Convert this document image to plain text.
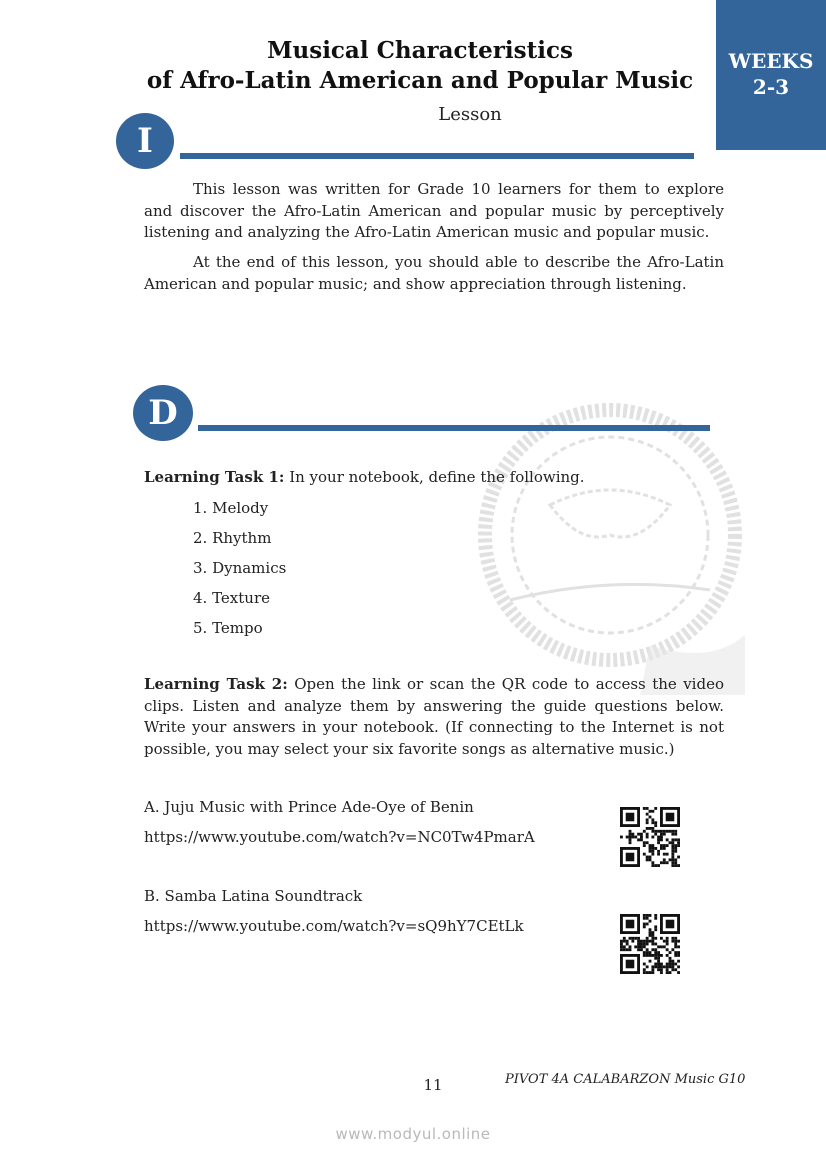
WEEKS
2-3
Musical Characteristics
of Afro-Latin American and Popular Music
Lesson
I
This lesson was written for Grade 10 learners for them to explore and discover the Afro-Latin American and popular music by perceptively listening and analyzing the Afro-Latin American music and popular music.
At the end of this lesson, you should able to describe the Afro-Latin American and popular music; and show appreciation through listening.
D
Learning Task 1: In your notebook, define the following.
1. Melody
2. Rhythm
3. Dynamics
4. Texture
5. Tempo
Learning Task 2: Open the link or scan the QR code to access the video clips. Listen and analyze them by answering the guide questions below. Write your answers in your notebook. (If connecting to the Internet is not possible, you may select your six favorite songs as alternative music.)
A. Juju Music with Prince Ade-Oye of Benin
https://www.youtube.com/watch?v=NC0Tw4PmarA
B. Samba Latina Soundtrack
https://www.youtube.com/watch?v=sQ9hY7CEtLk
11	PIVOT 4A CALABARZON Music G10
www.modyul.online
